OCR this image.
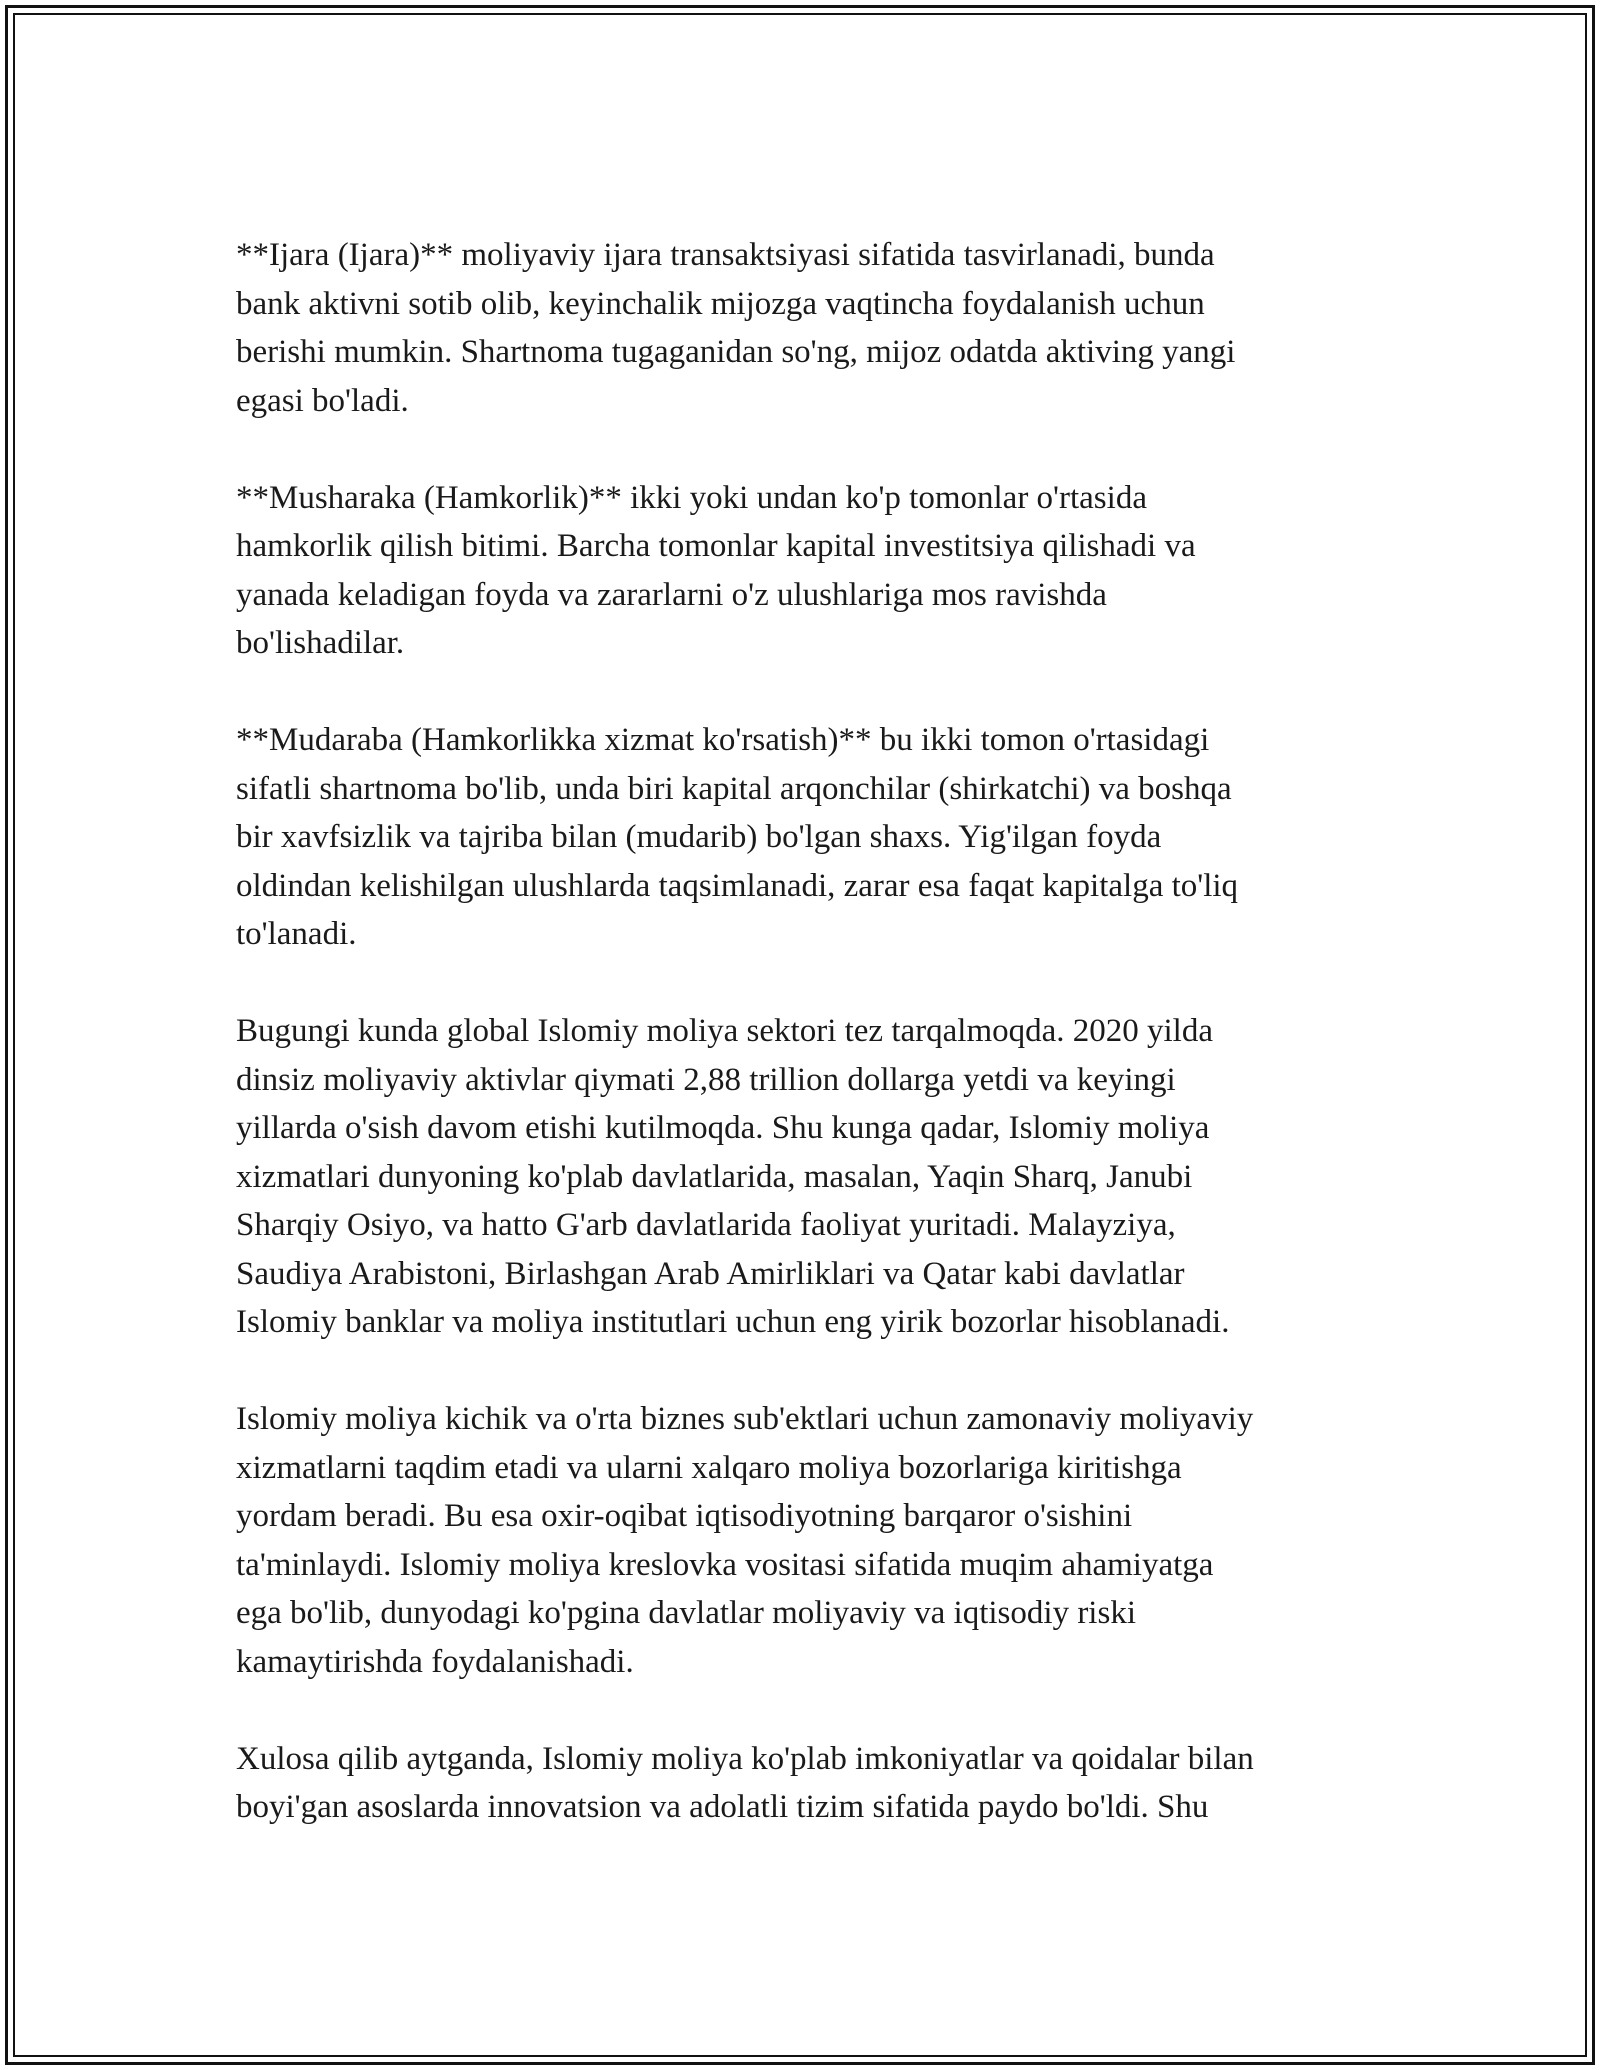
**Ijara (Ijara)** moliyaviy ijara transaktsiyasi sifatida tasvirlanadi, bunda
bank aktivni sotib olib, keyinchalik mijozga vaqtincha foydalanish uchun
berishi mumkin. Shartnoma tugaganidan so'ng, mijoz odatda aktiving yangi
egasi bo'ladi.

**Musharaka (Hamkorlik)** ikki yoki undan ko'p tomonlar o'rtasida
hamkorlik qilish bitimi. Barcha tomonlar kapital investitsiya qilishadi va
yanada keladigan foyda va zararlarni o'z ulushlariga mos ravishda
bo'lishadilar.

**Mudaraba (Hamkorlikka xizmat ko'rsatish)** bu ikki tomon o'rtasidagi
sifatli shartnoma bo'lib, unda biri kapital arqonchilar (shirkatchi) va boshqa
bir xavfsizlik va tajriba bilan (mudarib) bo'lgan shaxs. Yig'ilgan foyda
oldindan kelishilgan ulushlarda taqsimlanadi, zarar esa faqat kapitalga to'liq
to'lanadi.

Bugungi kunda global Islomiy moliya sektori tez tarqalmoqda. 2020 yilda
dinsiz moliyaviy aktivlar qiymati 2,88 trillion dollarga yetdi va keyingi
yillarda o'sish davom etishi kutilmoqda. Shu kunga qadar, Islomiy moliya
xizmatlari dunyoning ko'plab davlatlarida, masalan, Yaqin Sharq, Janubi
Sharqiy Osiyo, va hatto G'arb davlatlarida faoliyat yuritadi. Malayziya,
Saudiya Arabistoni, Birlashgan Arab Amirliklari va Qatar kabi davlatlar
Islomiy banklar va moliya institutlari uchun eng yirik bozorlar hisoblanadi.

Islomiy moliya kichik va o'rta biznes sub'ektlari uchun zamonaviy moliyaviy
xizmatlarni taqdim etadi va ularni xalqaro moliya bozorlariga kiritishga
yordam beradi. Bu esa oxir-oqibat iqtisodiyotning barqaror o'sishini
ta'minlaydi. Islomiy moliya kreslovka vositasi sifatida muqim ahamiyatga
ega bo'lib, dunyodagi ko'pgina davlatlar moliyaviy va iqtisodiy riski
kamaytirishda foydalanishadi.

Xulosa qilib aytganda, Islomiy moliya ko'plab imkoniyatlar va qoidalar bilan
boyi'gan asoslarda innovatsion va adolatli tizim sifatida paydo bo'ldi. Shu
